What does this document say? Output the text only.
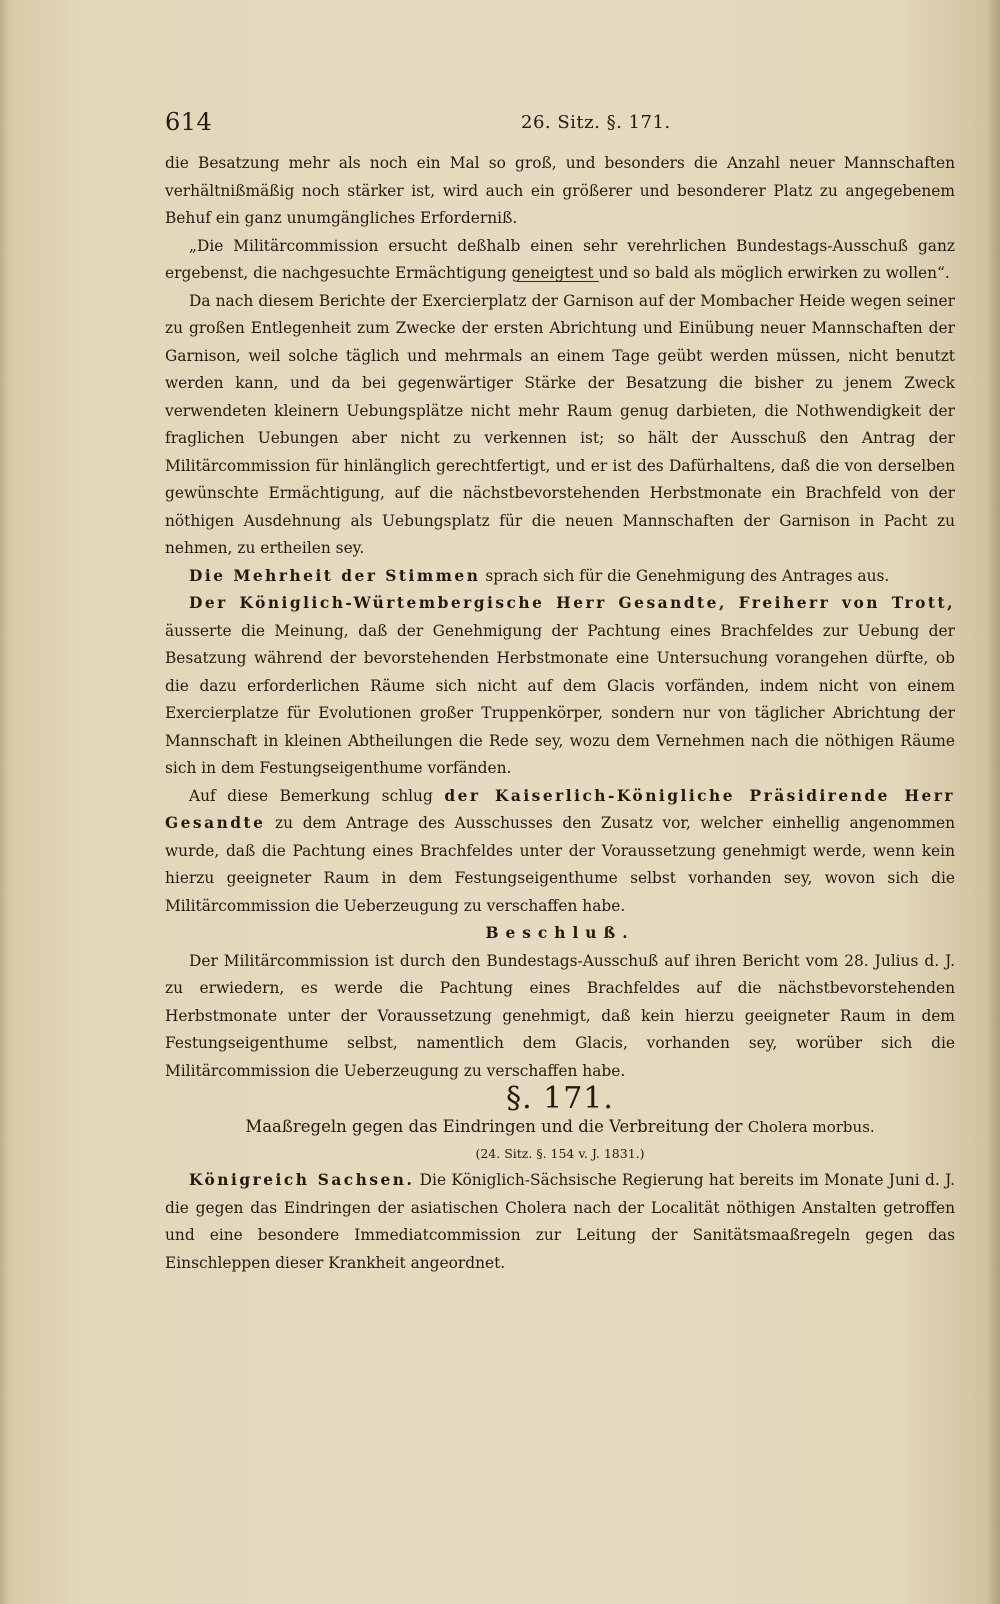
614	26. Sitz. §. 171.

die Besatzung mehr als noch ein Mal so groß, und besonders die Anzahl neuer Mannschaften verhältnißmäßig noch stärker ist, wird auch ein größerer und besonderer Platz zu angegebenem Behuf ein ganz unumgängliches Erforderniß.

„Die Militärcommission ersucht deßhalb einen sehr verehrlichen Bundestags-Ausschuß ganz ergebenst, die nachgesuchte Ermächtigung geneigtest und so bald als möglich erwirken zu wollen“.

Da nach diesem Berichte der Exercierplatz der Garnison auf der Mombacher Heide wegen seiner zu großen Entlegenheit zum Zwecke der ersten Abrichtung und Einübung neuer Mannschaften der Garnison, weil solche täglich und mehrmals an einem Tage geübt werden müssen, nicht benutzt werden kann, und da bei gegenwärtiger Stärke der Besatzung die bisher zu jenem Zweck verwendeten kleinern Uebungsplätze nicht mehr Raum genug darbieten, die Nothwendigkeit der fraglichen Uebungen aber nicht zu verkennen ist; so hält der Ausschuß den Antrag der Militärcommission für hinlänglich gerechtfertigt, und er ist des Dafürhaltens, daß die von derselben gewünschte Ermächtigung, auf die nächstbevorstehenden Herbstmonate ein Brachfeld von der nöthigen Ausdehnung als Uebungsplatz für die neuen Mannschaften der Garnison in Pacht zu nehmen, zu ertheilen sey.

Die Mehrheit der Stimmen sprach sich für die Genehmigung des Antrages aus.

Der Königlich-Würtembergische Herr Gesandte, Freiherr von Trott, äusserte die Meinung, daß der Genehmigung der Pachtung eines Brachfeldes zur Uebung der Besatzung während der bevorstehenden Herbstmonate eine Untersuchung vorangehen dürfte, ob die dazu erforderlichen Räume sich nicht auf dem Glacis vorfänden, indem nicht von einem Exercierplatze für Evolutionen großer Truppenkörper, sondern nur von täglicher Abrichtung der Mannschaft in kleinen Abtheilungen die Rede sey, wozu dem Vernehmen nach die nöthigen Räume sich in dem Festungseigenthume vorfänden.

Auf diese Bemerkung schlug der Kaiserlich-Königliche Präsidirende Herr Gesandte zu dem Antrage des Ausschusses den Zusatz vor, welcher einhellig angenommen wurde, daß die Pachtung eines Brachfeldes unter der Voraussetzung genehmigt werde, wenn kein hierzu geeigneter Raum in dem Festungseigenthume selbst vorhanden sey, wovon sich die Militärcommission die Ueberzeugung zu verschaffen habe.

Beschluß.

Der Militärcommission ist durch den Bundestags-Ausschuß auf ihren Bericht vom 28. Julius d. J. zu erwiedern, es werde die Pachtung eines Brachfeldes auf die nächstbevorstehenden Herbstmonate unter der Voraussetzung genehmigt, daß kein hierzu geeigneter Raum in dem Festungseigenthume selbst, namentlich dem Glacis, vorhanden sey, worüber sich die Militärcommission die Ueberzeugung zu verschaffen habe.

§. 171.

Maaßregeln gegen das Eindringen und die Verbreitung der Cholera morbus.

(24. Sitz. §. 154 v. J. 1831.)

Königreich Sachsen. Die Königlich-Sächsische Regierung hat bereits im Monate Juni d. J. die gegen das Eindringen der asiatischen Cholera nach der Localität nöthigen Anstalten getroffen und eine besondere Immediatcommission zur Leitung der Sanitätsmaaßregeln gegen das Einschleppen dieser Krankheit angeordnet.
